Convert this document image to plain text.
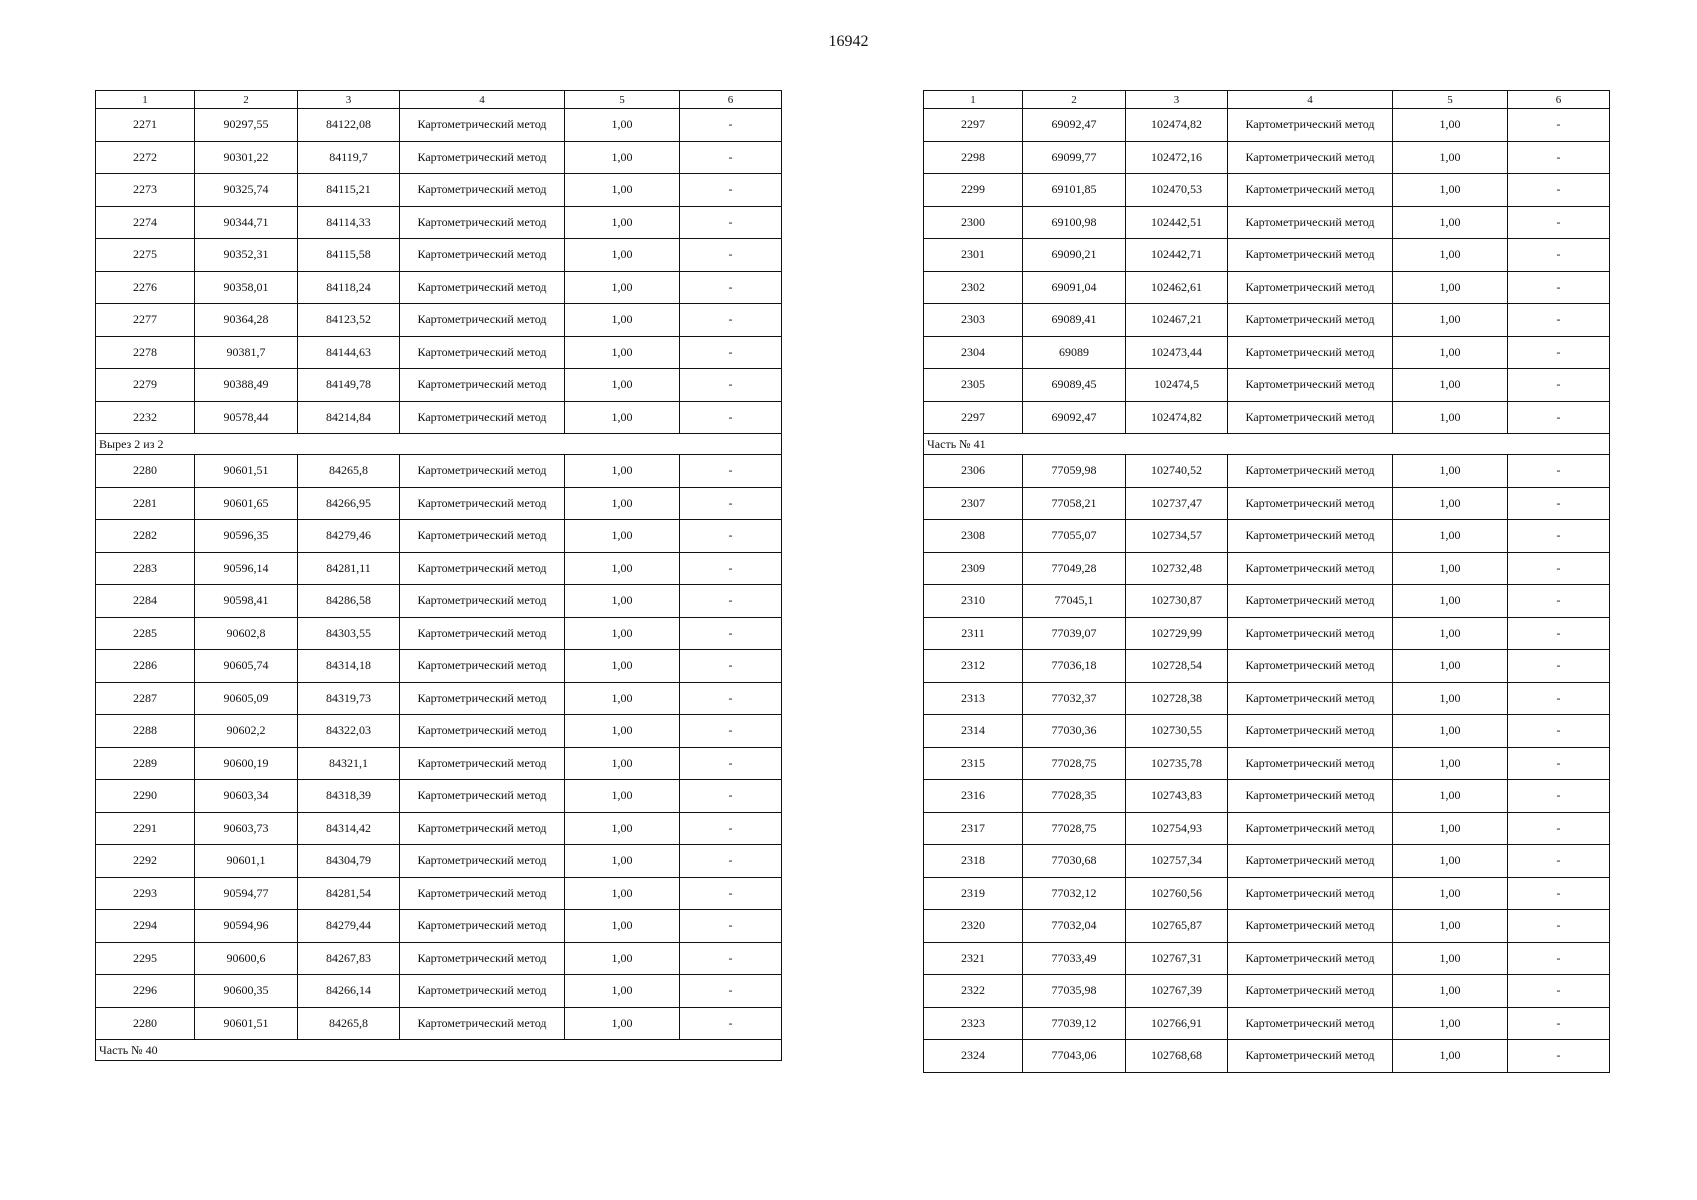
16942
1	2	3	4	5	6
2271	90297,55	84122,08	Картометрический метод	1,00	-
2272	90301,22	84119,7	Картометрический метод	1,00	-
2273	90325,74	84115,21	Картометрический метод	1,00	-
2274	90344,71	84114,33	Картометрический метод	1,00	-
2275	90352,31	84115,58	Картометрический метод	1,00	-
2276	90358,01	84118,24	Картометрический метод	1,00	-
2277	90364,28	84123,52	Картометрический метод	1,00	-
2278	90381,7	84144,63	Картометрический метод	1,00	-
2279	90388,49	84149,78	Картометрический метод	1,00	-
2232	90578,44	84214,84	Картометрический метод	1,00	-
Вырез 2 из 2					
2280	90601,51	84265,8	Картометрический метод	1,00	-
2281	90601,65	84266,95	Картометрический метод	1,00	-
2282	90596,35	84279,46	Картометрический метод	1,00	-
2283	90596,14	84281,11	Картометрический метод	1,00	-
2284	90598,41	84286,58	Картометрический метод	1,00	-
2285	90602,8	84303,55	Картометрический метод	1,00	-
2286	90605,74	84314,18	Картометрический метод	1,00	-
2287	90605,09	84319,73	Картометрический метод	1,00	-
2288	90602,2	84322,03	Картометрический метод	1,00	-
2289	90600,19	84321,1	Картометрический метод	1,00	-
2290	90603,34	84318,39	Картометрический метод	1,00	-
2291	90603,73	84314,42	Картометрический метод	1,00	-
2292	90601,1	84304,79	Картометрический метод	1,00	-
2293	90594,77	84281,54	Картометрический метод	1,00	-
2294	90594,96	84279,44	Картометрический метод	1,00	-
2295	90600,6	84267,83	Картометрический метод	1,00	-
2296	90600,35	84266,14	Картометрический метод	1,00	-
2280	90601,51	84265,8	Картометрический метод	1,00	-
Часть № 40					
1	2	3	4	5	6
2297	69092,47	102474,82	Картометрический метод	1,00	-
2298	69099,77	102472,16	Картометрический метод	1,00	-
2299	69101,85	102470,53	Картометрический метод	1,00	-
2300	69100,98	102442,51	Картометрический метод	1,00	-
2301	69090,21	102442,71	Картометрический метод	1,00	-
2302	69091,04	102462,61	Картометрический метод	1,00	-
2303	69089,41	102467,21	Картометрический метод	1,00	-
2304	69089	102473,44	Картометрический метод	1,00	-
2305	69089,45	102474,5	Картометрический метод	1,00	-
2297	69092,47	102474,82	Картометрический метод	1,00	-
Часть № 41					
2306	77059,98	102740,52	Картометрический метод	1,00	-
2307	77058,21	102737,47	Картометрический метод	1,00	-
2308	77055,07	102734,57	Картометрический метод	1,00	-
2309	77049,28	102732,48	Картометрический метод	1,00	-
2310	77045,1	102730,87	Картометрический метод	1,00	-
2311	77039,07	102729,99	Картометрический метод	1,00	-
2312	77036,18	102728,54	Картометрический метод	1,00	-
2313	77032,37	102728,38	Картометрический метод	1,00	-
2314	77030,36	102730,55	Картометрический метод	1,00	-
2315	77028,75	102735,78	Картометрический метод	1,00	-
2316	77028,35	102743,83	Картометрический метод	1,00	-
2317	77028,75	102754,93	Картометрический метод	1,00	-
2318	77030,68	102757,34	Картометрический метод	1,00	-
2319	77032,12	102760,56	Картометрический метод	1,00	-
2320	77032,04	102765,87	Картометрический метод	1,00	-
2321	77033,49	102767,31	Картометрический метод	1,00	-
2322	77035,98	102767,39	Картометрический метод	1,00	-
2323	77039,12	102766,91	Картометрический метод	1,00	-
2324	77043,06	102768,68	Картометрический метод	1,00	-
